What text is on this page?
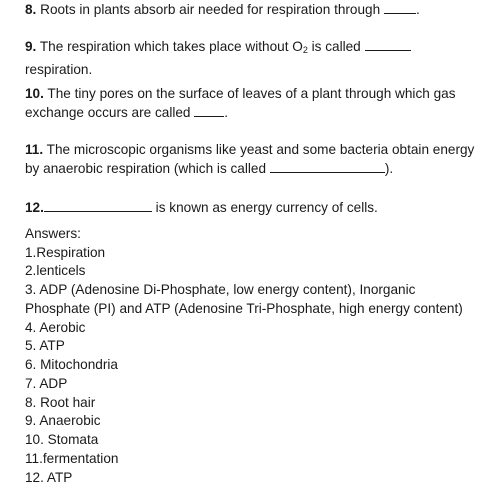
8. Roots in plants absorb air needed for respiration through .
9. The respiration which takes place without $O_2$ is called
respiration.
10. The tiny pores on the surface of leaves of a plant through which gas exchange occurs are called .
11. The microscopic organisms like yeast and some bacteria obtain energy by anaerobic respiration (which is called	).
12.	is known as energy currency of cells.
Answers:
1.Respiration
2.lenticels
3. ADP (Adenosine Di-Phosphate, low energy content), Inorganic Phosphate (PI) and ATP (Adenosine Tri-Phosphate, high energy content)
4. Aerobic
5. ATP
6. Mitochondria
7. ADP
8. Root hair
9. Anaerobic
10. Stomata
11.fermentation
12. ATP
